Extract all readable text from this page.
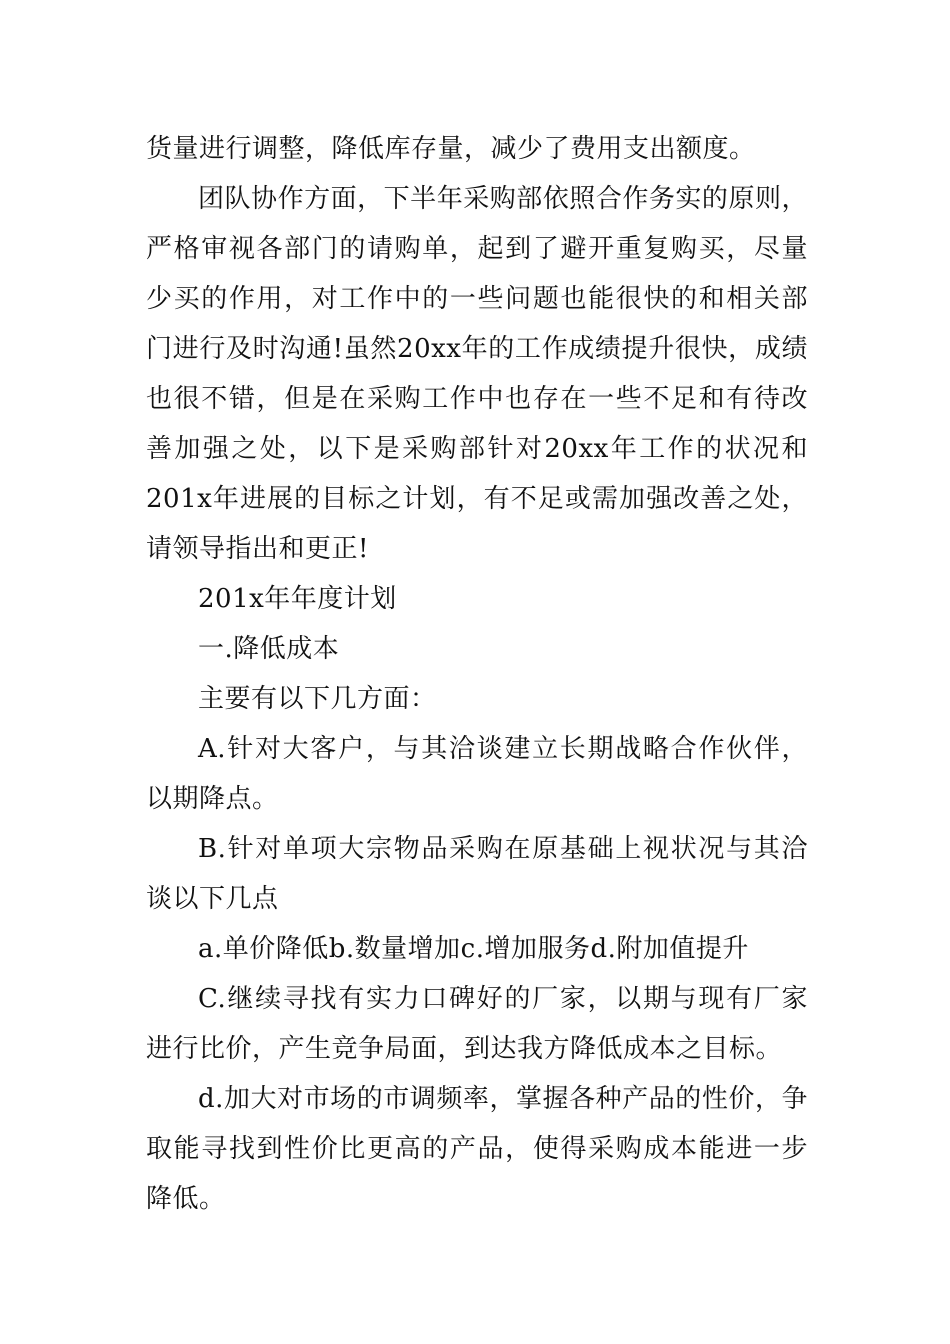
货量进行调整，降低库存量，减少了费用支出额度。

团队协作方面，下半年采购部依照合作务实的原则，严格审视各部门的请购单，起到了避开重复购买，尽量少买的作用，对工作中的一些问题也能很快的和相关部门进行及时沟通!虽然20xx年的工作成绩提升很快，成绩也很不错，但是在采购工作中也存在一些不足和有待改善加强之处，以下是采购部针对20xx年工作的状况和201x年进展的目标之计划，有不足或需加强改善之处，请领导指出和更正!

201x年年度计划

一.降低成本

主要有以下几方面：

A.针对大客户，与其洽谈建立长期战略合作伙伴，以期降点。

B.针对单项大宗物品采购在原基础上视状况与其洽谈以下几点

a.单价降低b.数量增加c.增加服务d.附加值提升

C.继续寻找有实力口碑好的厂家，以期与现有厂家进行比价，产生竞争局面，到达我方降低成本之目标。

d.加大对市场的市调频率，掌握各种产品的性价，争取能寻找到性价比更高的产品，使得采购成本能进一步降低。
